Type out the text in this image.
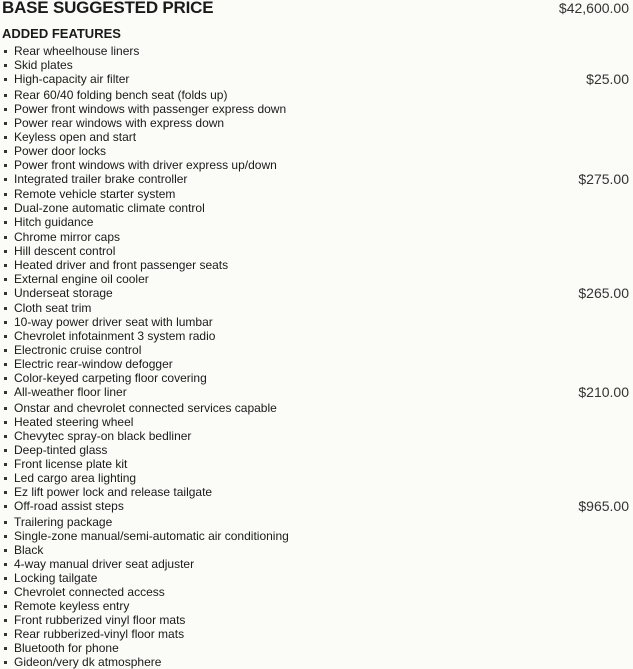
BASE SUGGESTED PRICE	$42,600.00
ADDED FEATURES
Rear wheelhouse liners
Skid plates
High-capacity air filter	$25.00
Rear 60/40 folding bench seat (folds up)
Power front windows with passenger express down
Power rear windows with express down
Keyless open and start
Power door locks
Power front windows with driver express up/down
Integrated trailer brake controller	$275.00
Remote vehicle starter system
Dual-zone automatic climate control
Hitch guidance
Chrome mirror caps
Hill descent control
Heated driver and front passenger seats
External engine oil cooler
Underseat storage	$265.00
Cloth seat trim
10-way power driver seat with lumbar
Chevrolet infotainment 3 system radio
Electronic cruise control
Electric rear-window defogger
Color-keyed carpeting floor covering
All-weather floor liner	$210.00
Onstar and chevrolet connected services capable
Heated steering wheel
Chevytec spray-on black bedliner
Deep-tinted glass
Front license plate kit
Led cargo area lighting
Ez lift power lock and release tailgate
Off-road assist steps	$965.00
Trailering package
Single-zone manual/semi-automatic air conditioning
Black
4-way manual driver seat adjuster
Locking tailgate
Chevrolet connected access
Remote keyless entry
Front rubberized vinyl floor mats
Rear rubberized-vinyl floor mats
Bluetooth for phone
Gideon/very dk atmosphere
